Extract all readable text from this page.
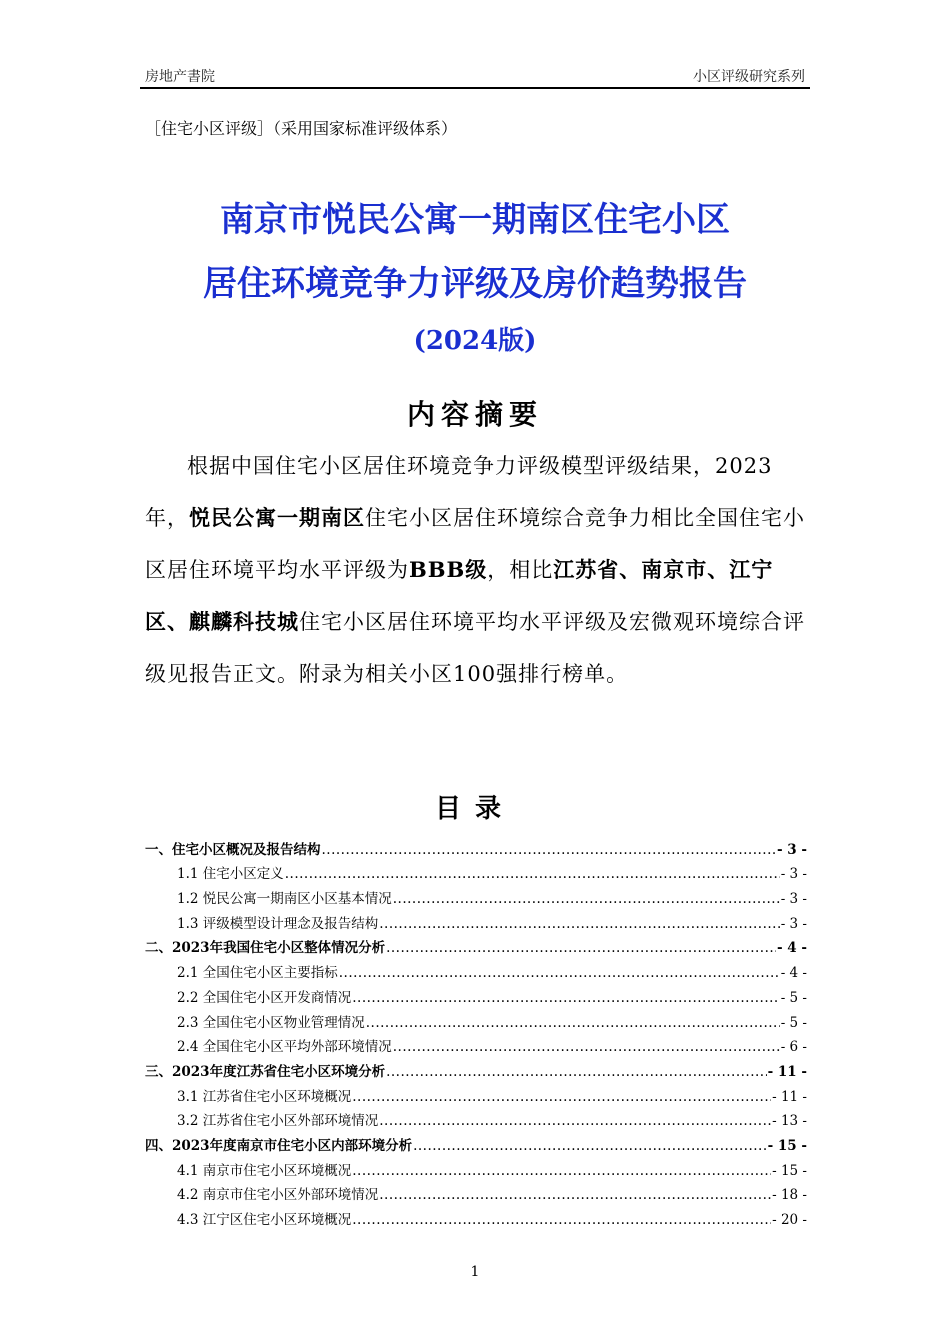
房地产書院	小区评级研究系列
［住宅小区评级］（采用国家标准评级体系）
南京市悦民公寓一期南区住宅小区
居住环境竞争力评级及房价趋势报告
(2024版)
内容摘要
根据中国住宅小区居住环境竞争力评级模型评级结果，2023年，悦民公寓一期南区住宅小区居住环境综合竞争力相比全国住宅小区居住环境平均水平评级为BBB级，相比江苏省、南京市、江宁区、麒麟科技城住宅小区居住环境平均水平评级及宏微观环境综合评级见报告正文。附录为相关小区100强排行榜单。
目录
一、住宅小区概况及报告结构 .....	- 3 -
1.1 住宅小区定义 .....	- 3 -
1.2 悦民公寓一期南区小区基本情况 .....	- 3 -
1.3 评级模型设计理念及报告结构 .....	- 3 -
二、2023年我国住宅小区整体情况分析 .....	- 4 -
2.1 全国住宅小区主要指标 .....	- 4 -
2.2 全国住宅小区开发商情况 .....	- 5 -
2.3 全国住宅小区物业管理情况 .....	- 5 -
2.4 全国住宅小区平均外部环境情况 .....	- 6 -
三、2023年度江苏省住宅小区环境分析 .....	- 11 -
3.1 江苏省住宅小区环境概况 .....	- 11 -
3.2 江苏省住宅小区外部环境情况 .....	- 13 -
四、2023年度南京市住宅小区内部环境分析 .....	- 15 -
4.1 南京市住宅小区环境概况 .....	- 15 -
4.2 南京市住宅小区外部环境情况 .....	- 18 -
4.3 江宁区住宅小区环境概况 .....	- 20 -
1
